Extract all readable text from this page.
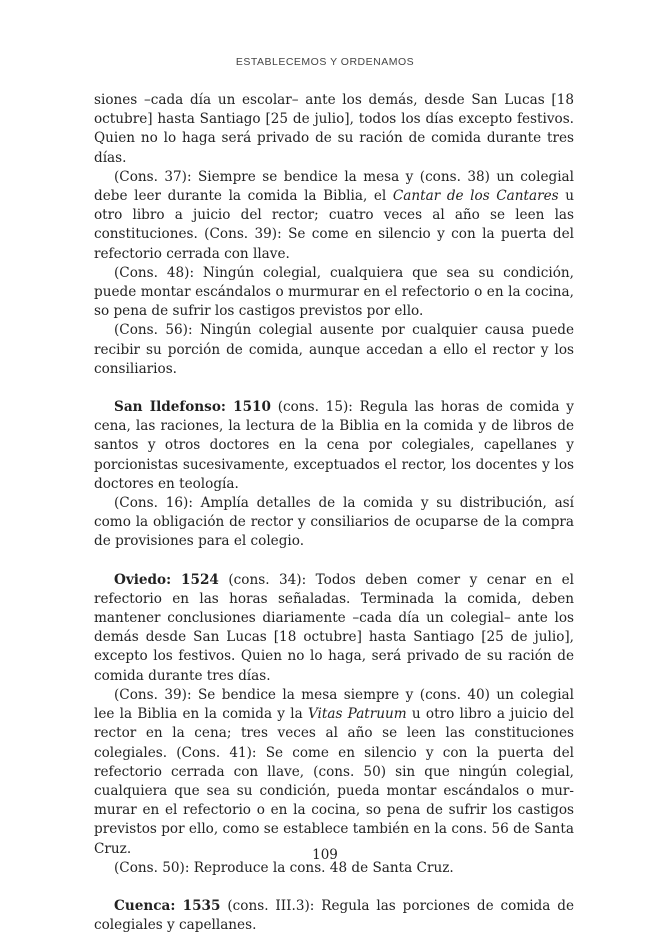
ESTABLECEMOS Y ORDENAMOS

siones –cada día un escolar– ante los demás, desde San Lucas [18 octubre] hasta Santiago [25 de julio], todos los días excepto festivos. Quien no lo haga será privado de su ración de comida durante tres días.

(Cons. 37): Siempre se bendice la mesa y (cons. 38) un colegial debe leer durante la comida la Biblia, el Cantar de los Cantares u otro libro a juicio del rector; cuatro veces al año se leen las constituciones. (Cons. 39): Se come en silencio y con la puerta del refectorio cerrada con llave.

(Cons. 48): Ningún colegial, cualquiera que sea su condición, puede montar escándalos o murmurar en el refectorio o en la cocina, so pena de sufrir los castigos previstos por ello.

(Cons. 56): Ningún colegial ausente por cualquier causa puede recibir su porción de comida, aunque accedan a ello el rector y los consiliarios.

San Ildefonso: 1510 (cons. 15): Regula las horas de comida y cena, las raciones, la lectura de la Biblia en la comida y de libros de santos y otros doctores en la cena por colegiales, capellanes y porcionistas sucesivamente, exceptuados el rector, los docentes y los doctores en teología.

(Cons. 16): Amplía detalles de la comida y su distribución, así como la obligación de rector y consiliarios de ocuparse de la compra de provisiones para el colegio.

Oviedo: 1524 (cons. 34): Todos deben comer y cenar en el refectorio en las horas señaladas. Terminada la comida, deben mantener conclusiones diariamente –cada día un colegial– ante los demás desde San Lucas [18 octubre] hasta Santiago [25 de julio], excepto los festivos. Quien no lo haga, será privado de su ración de comida durante tres días.

(Cons. 39): Se bendice la mesa siempre y (cons. 40) un colegial lee la Biblia en la comida y la Vitas Patruum u otro libro a juicio del rector en la cena; tres veces al año se leen las constituciones colegiales. (Cons. 41): Se come en silencio y con la puerta del refectorio cerrada con llave, (cons. 50) sin que ningún colegial, cualquiera que sea su condición, pueda montar escándalos o murmurar en el refectorio o en la cocina, so pena de sufrir los castigos previstos por ello, como se establece también en la cons. 56 de Santa Cruz.

(Cons. 50): Reproduce la cons. 48 de Santa Cruz.

Cuenca: 1535 (cons. III.3): Regula las porciones de comida de colegiales y capellanes.

109
